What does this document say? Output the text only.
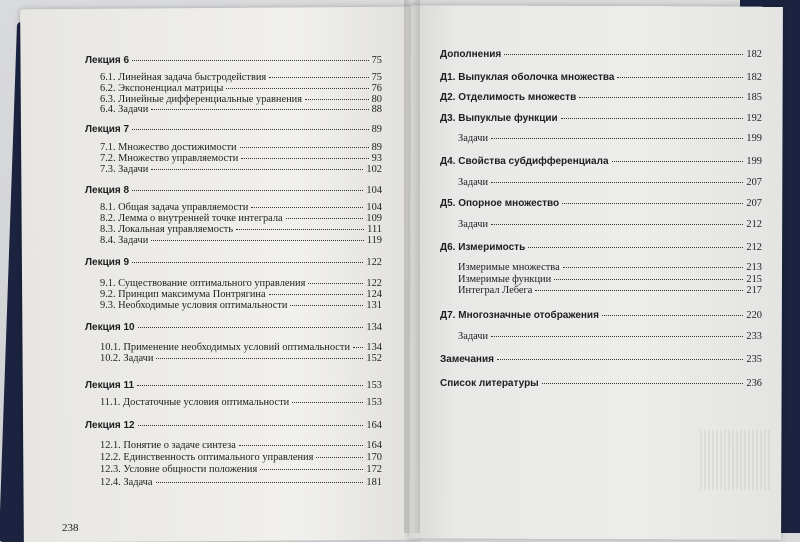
Лекция 6	75
6.1. Линейная задача быстродействия	75
6.2. Экспоненциал матрицы	76
6.3. Линейные дифференциальные уравнения	80
6.4. Задачи	88
Лекция 7	89
7.1. Множество достижимости	89
7.2. Множество управляемости	93
7.3. Задачи	102
Лекция 8	104
8.1. Общая задача управляемости	104
8.2. Лемма о внутренней точке интеграла	109
8.3. Локальная управляемость	111
8.4. Задачи	119
Лекция 9	122
9.1. Существование оптимального управления	122
9.2. Принцип максимума Понтрягина	124
9.3. Необходимые условия оптимальности	131
Лекция 10	134
10.1. Применение необходимых условий оптимальности 134
10.2. Задачи	152
Лекция 11	153
11.1. Достаточные условия оптимальности	153
Лекция 12	164
12.1. Понятие о задаче синтеза	164
12.2. Единственность оптимального управления	170
12.3. Условие общности положения	172
12.4. Задача	181
Дополнения	182
Д1. Выпуклая оболочка множества	182
Д2. Отделимость множеств	185
Д3. Выпуклые функции	192
Задачи	199
Д4. Свойства субдифференциала	199
Задачи	207
Д5. Опорное множество	207
Задачи	212
Д6. Измеримость	212
Измеримые множества	213
Измеримые функции	215
Интеграл Лебега	217
Д7. Многозначные отображения	220
Задачи	233
Замечания	235
Список литературы	236
238
